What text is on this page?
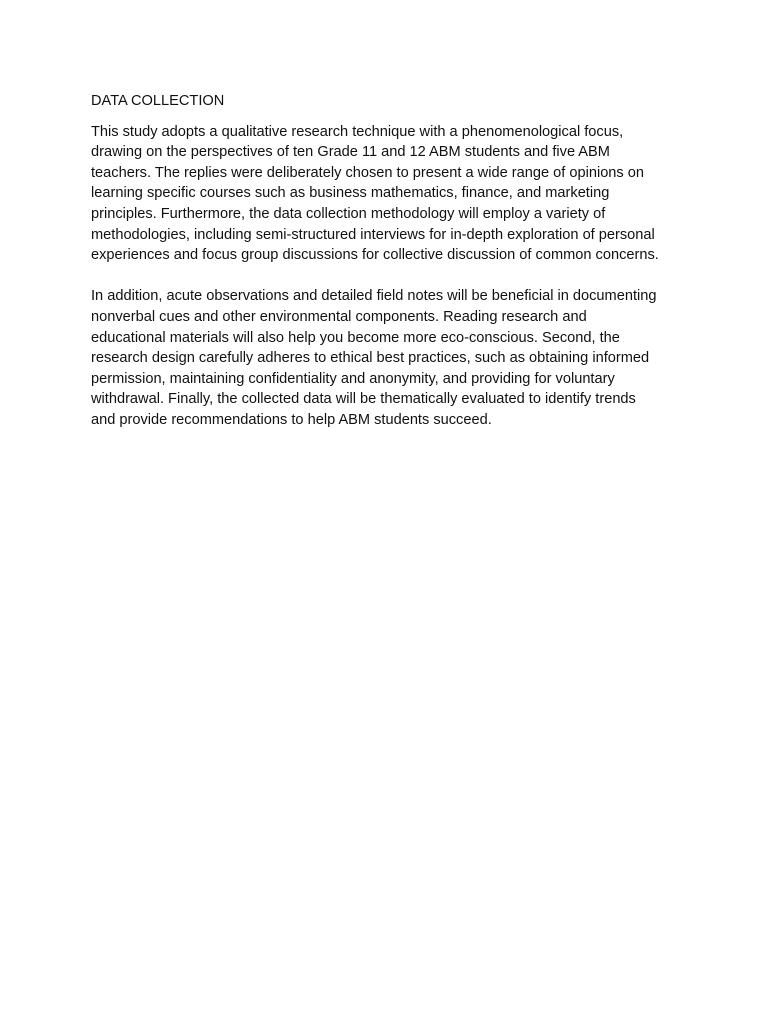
DATA COLLECTION
This study adopts a qualitative research technique with a phenomenological focus,
drawing on the perspectives of ten Grade 11 and 12 ABM students and five ABM
teachers. The replies were deliberately chosen to present a wide range of opinions on
learning specific courses such as business mathematics, finance, and marketing
principles. Furthermore, the data collection methodology will employ a variety of
methodologies, including semi-structured interviews for in-depth exploration of personal
experiences and focus group discussions for collective discussion of common concerns.
In addition, acute observations and detailed field notes will be beneficial in documenting
nonverbal cues and other environmental components. Reading research and
educational materials will also help you become more eco-conscious. Second, the
research design carefully adheres to ethical best practices, such as obtaining informed
permission, maintaining confidentiality and anonymity, and providing for voluntary
withdrawal. Finally, the collected data will be thematically evaluated to identify trends
and provide recommendations to help ABM students succeed.
